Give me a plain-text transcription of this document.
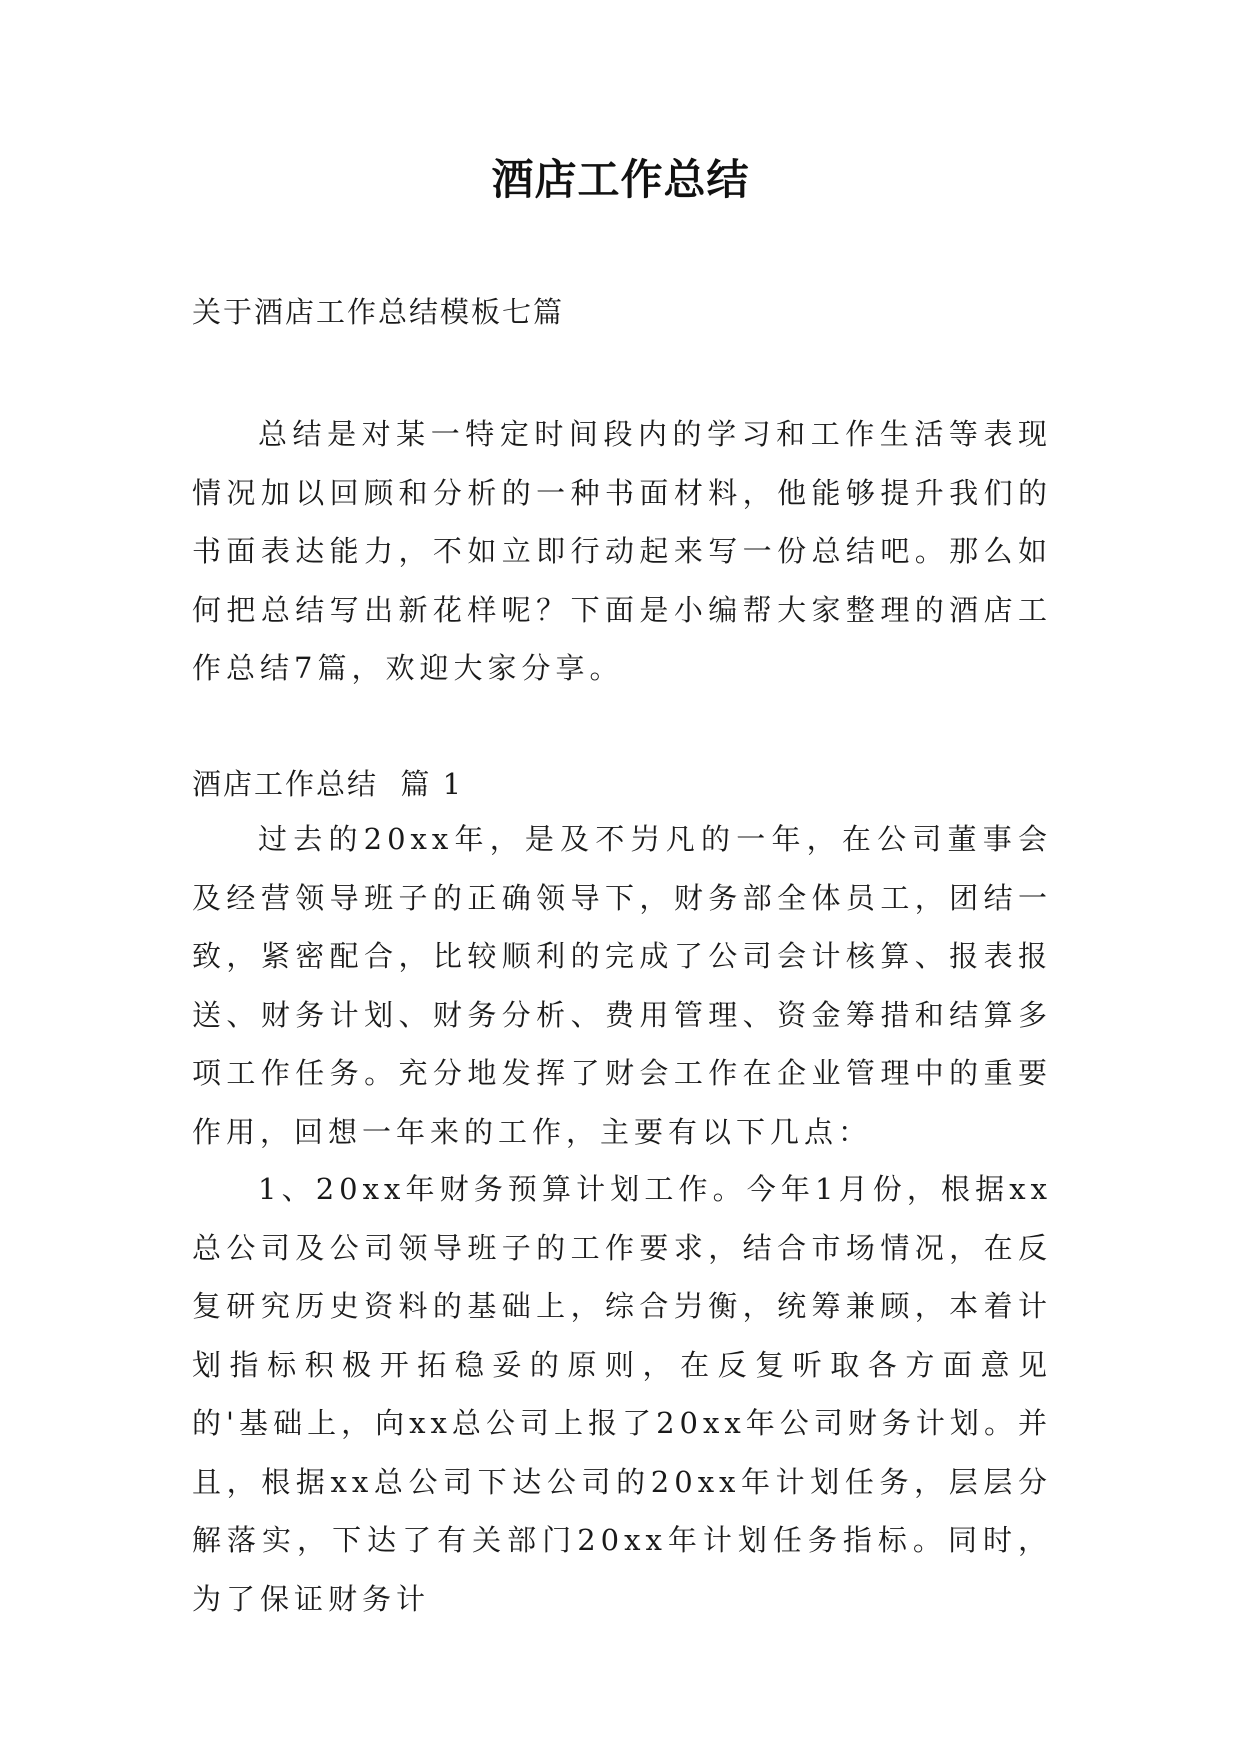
酒店工作总结

关于酒店工作总结模板七篇

总结是对某一特定时间段内的学习和工作生活等表现情况加以回顾和分析的一种书面材料，他能够提升我们的书面表达能力，不如立即行动起来写一份总结吧。那么如何把总结写出新花样呢？下面是小编帮大家整理的酒店工作总结7篇，欢迎大家分享。

酒店工作总结  篇 1

过去的20xx年，是及不屶凡的一年，在公司董事会及经营领导班子的正确领导下，财务部全体员工，团结一致，紧密配合，比较顺利的完成了公司会计核算、报表报送、财务计划、财务分析、费用管理、资金筹措和结算多项工作任务。充分地发挥了财会工作在企业管理中的重要作用，回想一年来的工作，主要有以下几点：

1、20xx年财务预算计划工作。今年1月份，根据xx总公司及公司领导班子的工作要求，结合市场情况，在反复研究历史资料的基础上，综合屶衡，统筹兼顾，本着计划指标积极开拓稳妥的原则，在反复听取各方面意见的'基础上，向xx总公司上报了20xx年公司财务计划。并且，根据xx总公司下达公司的20xx年计划任务，层层分解落实，下达了有关部门20xx年计划任务指标。同时，为了保证财务计
